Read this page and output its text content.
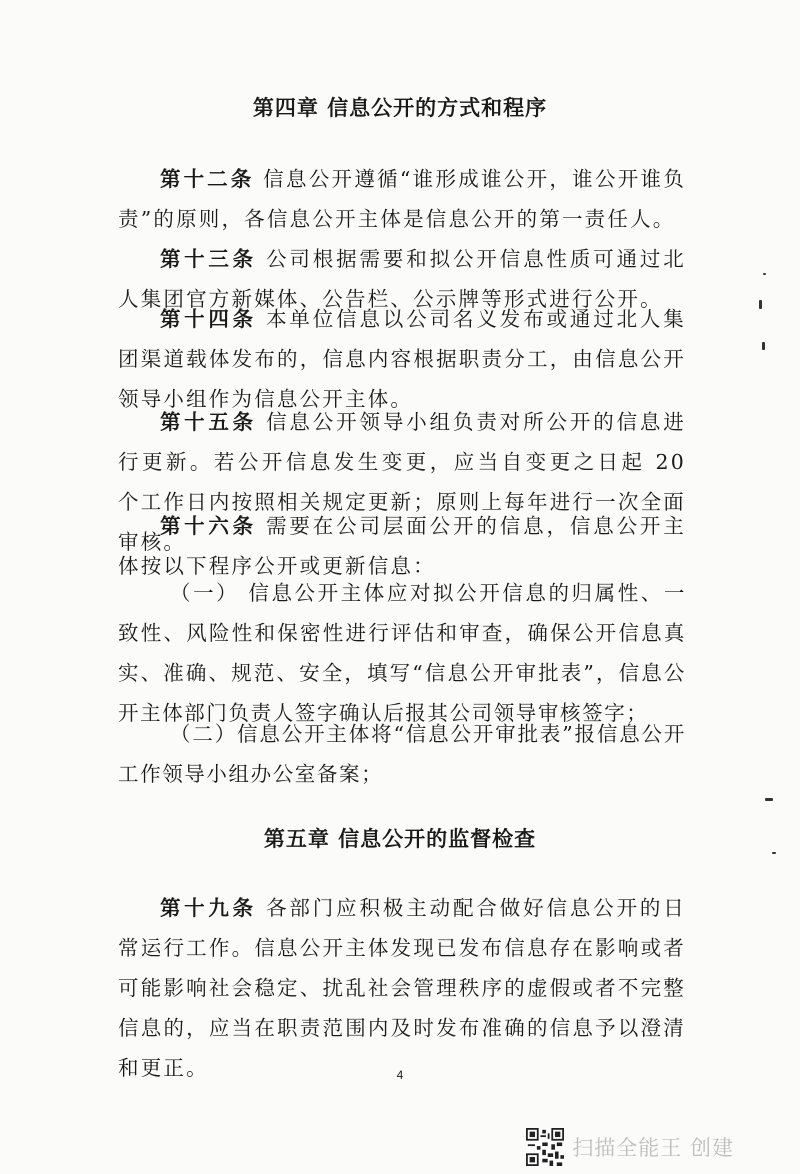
第四章 信息公开的方式和程序

第十二条 信息公开遵循“谁形成谁公开，谁公开谁负责”的原则，各信息公开主体是信息公开的第一责任人。

第十三条 公司根据需要和拟公开信息性质可通过北人集团官方新媒体、公告栏、公示牌等形式进行公开。

第十四条 本单位信息以公司名义发布或通过北人集团渠道载体发布的，信息内容根据职责分工，由信息公开领导小组作为信息公开主体。

第十五条 信息公开领导小组负责对所公开的信息进行更新。若公开信息发生变更，应当自变更之日起 20 个工作日内按照相关规定更新；原则上每年进行一次全面审核。

第十六条 需要在公司层面公开的信息，信息公开主体按以下程序公开或更新信息：

（一） 信息公开主体应对拟公开信息的归属性、一致性、风险性和保密性进行评估和审查，确保公开信息真实、准确、规范、安全，填写“信息公开审批表”，信息公开主体部门负责人签字确认后报其公司领导审核签字；

（二）信息公开主体将“信息公开审批表”报信息公开工作领导小组办公室备案；

第五章 信息公开的监督检查

第十九条 各部门应积极主动配合做好信息公开的日常运行工作。信息公开主体发现已发布信息存在影响或者可能影响社会稳定、扰乱社会管理秩序的虚假或者不完整信息的，应当在职责范围内及时发布准确的信息予以澄清和更正。	4
扫描全能王 创建
